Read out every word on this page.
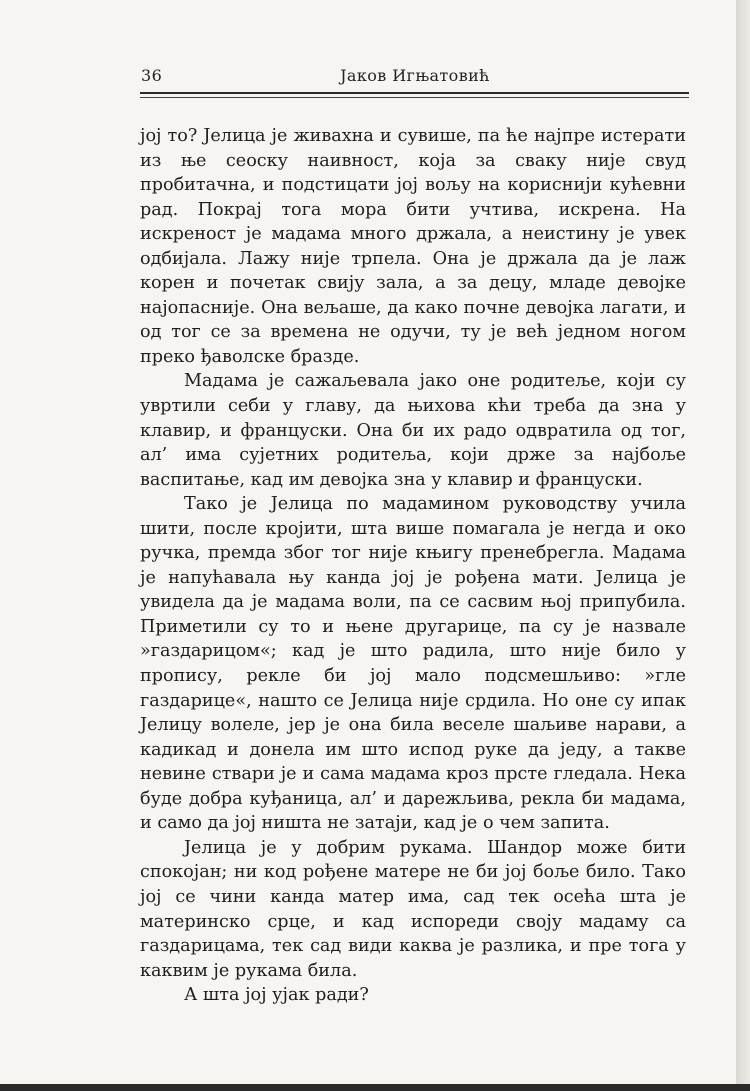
36	Јаков Игњатовић

јој то? Јелица је живахна и сувише, па ће најпре истерати из ње сеоску наивност, која за сваку није свуд пробитачна, и подстицати јој вољу на кориснији кућевни рад. Покрај тога мора бити учтива, искрена. На искреност је мадама много држала, а неистину је увек одбијала. Лажу није трпела. Она је држала да је лаж корен и почетак свију зала, а за децу, младе девојке најопасније. Она вељаше, да како почне девојка лагати, и од тог се за времена не одучи, ту је већ једном ногом преко ђаволске бразде.

Мадама је сажаљевала јако оне родитеље, који су увртили себи у главу, да њихова кћи треба да зна у клавир, и француски. Она би их радо одвратила од тог, ал’ има сујетних родитеља, који држе за најбоље васпитање, кад им девојка зна у клавир и француски.

Тако је Јелица по мадамином руководству учила шити, после кројити, шта више помагала је негда и око ручка, премда због тог није књигу пренебрегла. Мадама је напућавала њу канда јој је рођена мати. Јелица је увидела да је мадама воли, па се сасвим њој припубила. Приметили су то и њене другарице, па су је назвале »газдарицом«; кад је што радила, што није било у пропису, рекле би јој мало подсмешљиво: »гле газдарице«, нашто се Јелица није срдила. Но оне су ипак Јелицу волеле, јер је она била веселе шаљиве нарави, а кадикад и донела им што испод руке да једу, а такве невине ствари је и сама мадама кроз прсте гледала. Нека буде добра куђаница, ал’ и дарежљива, рекла би мадама, и само да јој ништа не затаји, кад је о чем запита.

Јелица је у добрим рукама. Шандор може бити спокојан; ни код рођене матере не би јој боље било. Тако јој се чини канда матер има, сад тек осећа шта је материнско срце, и кад испореди своју мадаму са газдарицама, тек сад види каква је разлика, и пре тога у каквим је рукама била.

А шта јој ујак ради?
